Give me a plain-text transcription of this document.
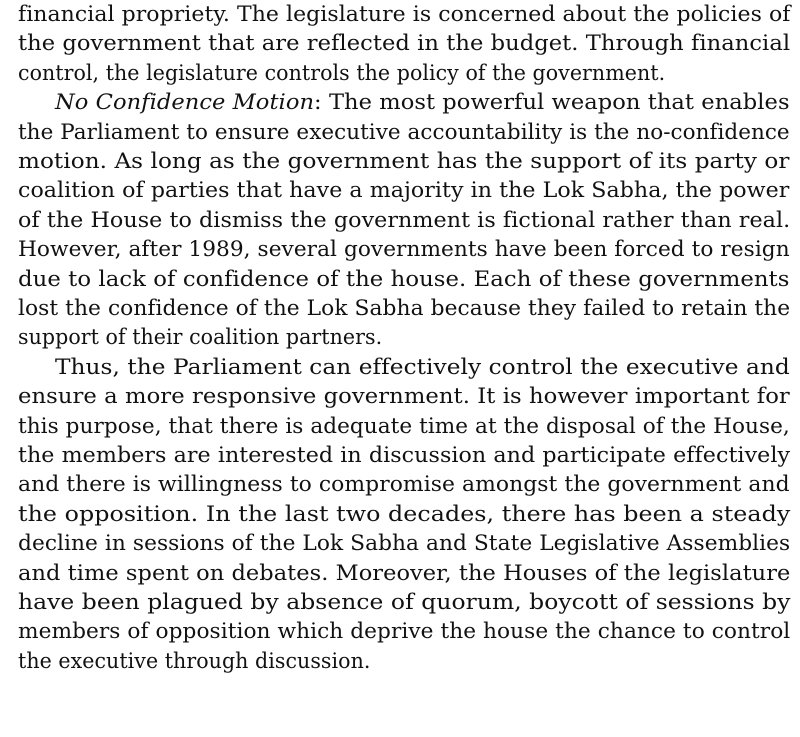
financial propriety. The legislature is concerned about the policies of
the government that are reflected in the budget. Through financial
control, the legislature controls the policy of the government.
No Confidence Motion: The most powerful weapon that enables
the Parliament to ensure executive accountability is the no-confidence
motion. As long as the government has the support of its party or
coalition of parties that have a majority in the Lok Sabha, the power
of the House to dismiss the government is fictional rather than real.
However, after 1989, several governments have been forced to resign
due to lack of confidence of the house. Each of these governments
lost the confidence of the Lok Sabha because they failed to retain the
support of their coalition partners.
Thus, the Parliament can effectively control the executive and
ensure a more responsive government. It is however important for
this purpose, that there is adequate time at the disposal of the House,
the members are interested in discussion and participate effectively
and there is willingness to compromise amongst the government and
the opposition. In the last two decades, there has been a steady
decline in sessions of the Lok Sabha and State Legislative Assemblies
and time spent on debates. Moreover, the Houses of the legislature
have been plagued by absence of quorum, boycott of sessions by
members of opposition which deprive the house the chance to control
the executive through discussion.
